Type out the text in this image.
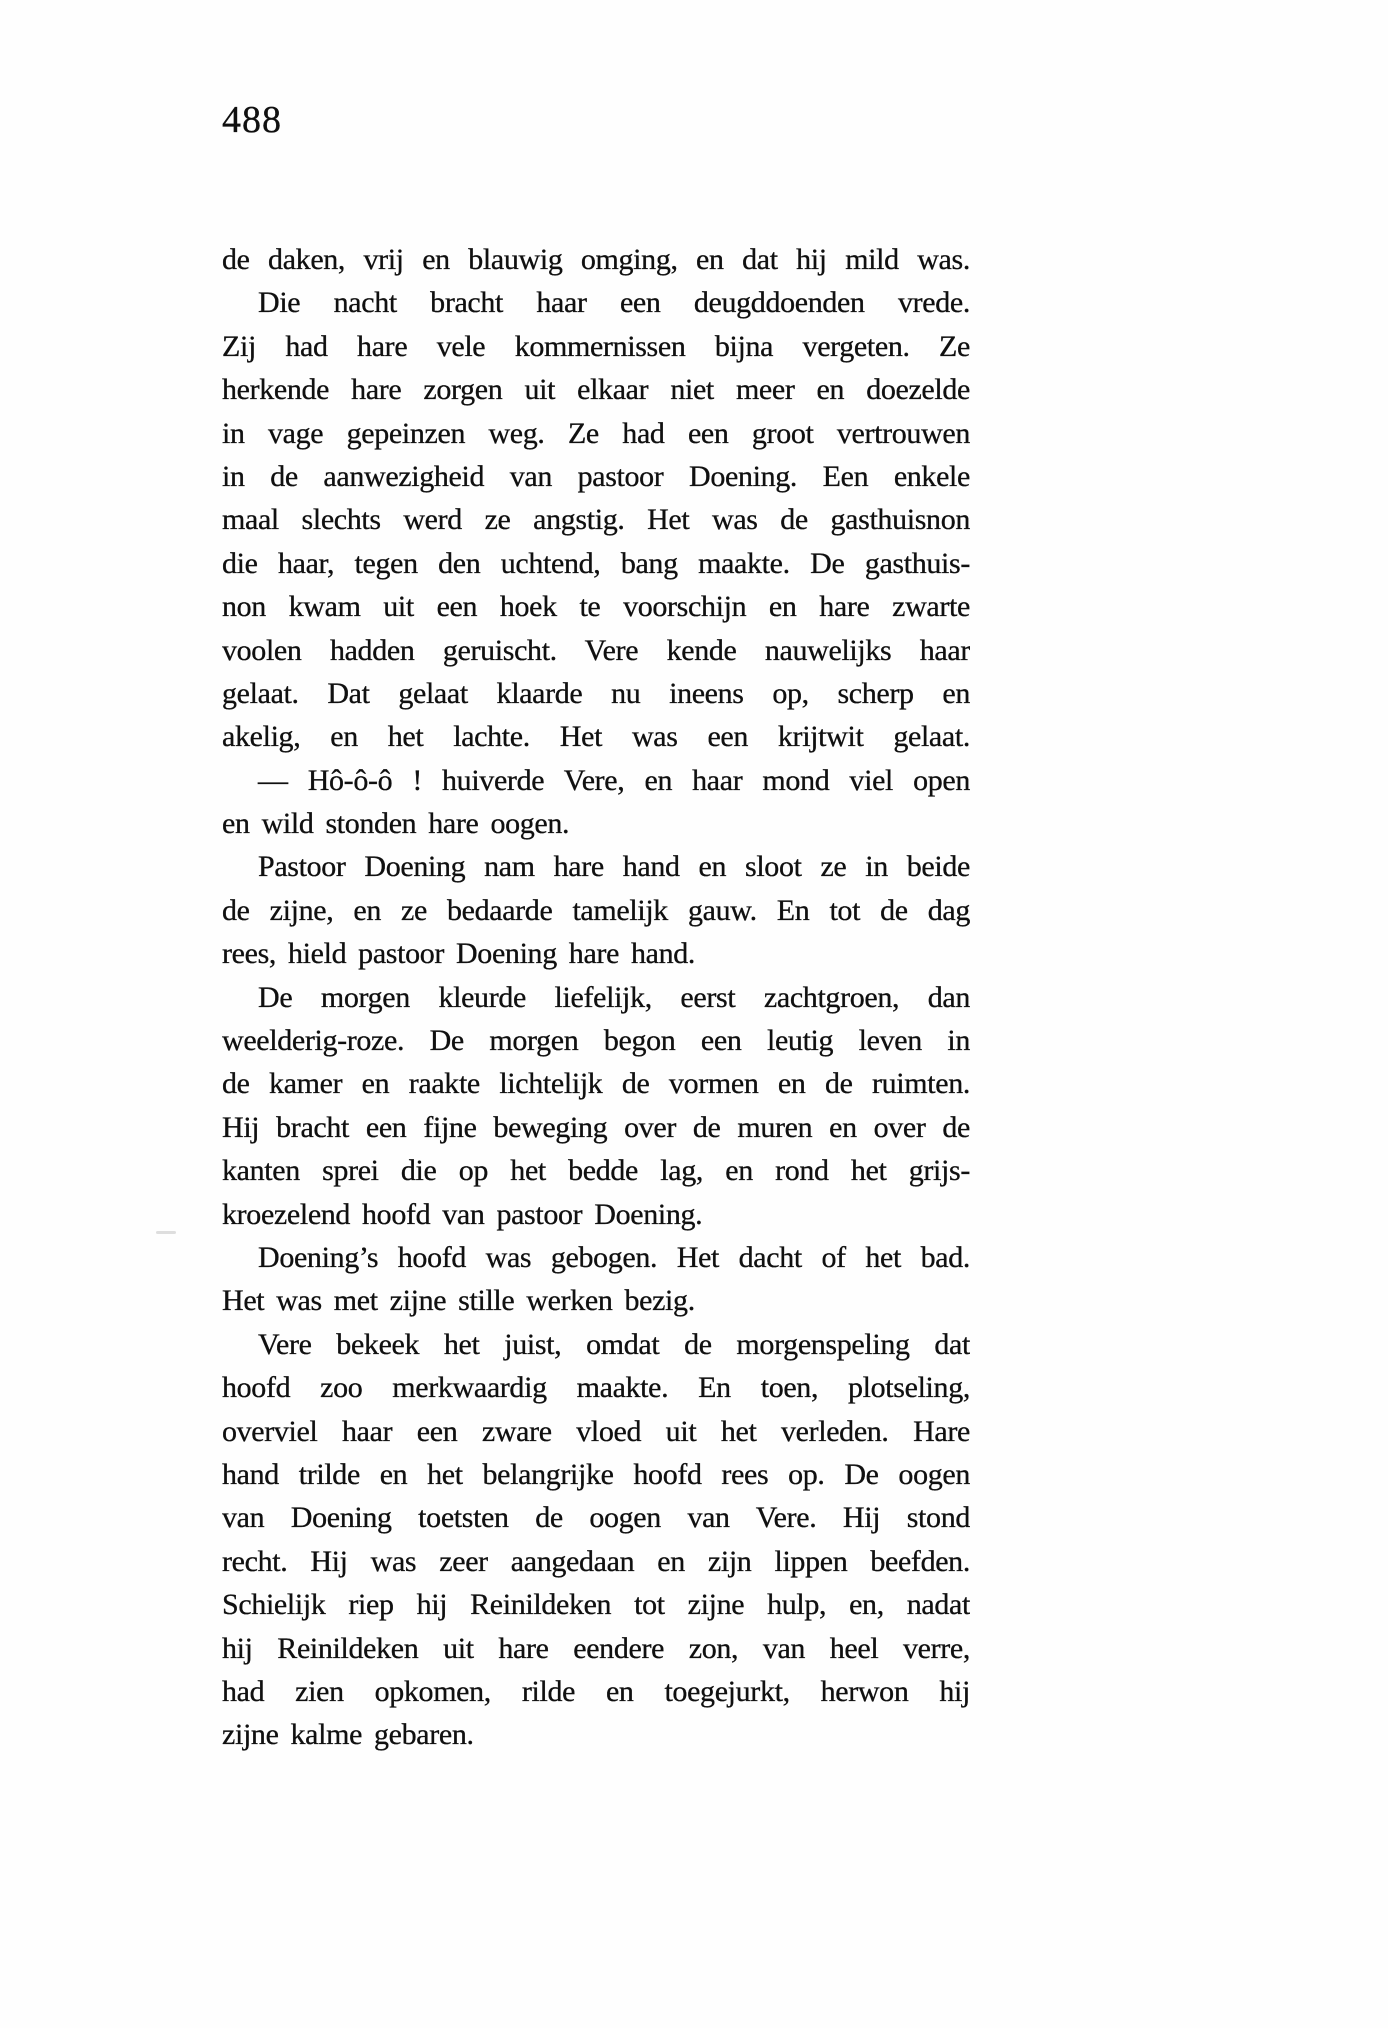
488
de daken, vrij en blauwig omging, en dat hij mild was.
Die nacht bracht haar een deugddoenden vrede.
Zij had hare vele kommernissen bijna vergeten. Ze
herkende hare zorgen uit elkaar niet meer en doezelde
in vage gepeinzen weg. Ze had een groot vertrouwen
in de aanwezigheid van pastoor Doening. Een enkele
maal slechts werd ze angstig. Het was de gasthuisnon
die haar, tegen den uchtend, bang maakte. De gasthuis-
non kwam uit een hoek te voorschijn en hare zwarte
voolen hadden geruischt. Vere kende nauwelijks haar
gelaat. Dat gelaat klaarde nu ineens op, scherp en
akelig, en het lachte. Het was een krijtwit gelaat.
— Hô-ô-ô ! huiverde Vere, en haar mond viel open
en wild stonden hare oogen.
Pastoor Doening nam hare hand en sloot ze in beide
de zijne, en ze bedaarde tamelijk gauw. En tot de dag
rees, hield pastoor Doening hare hand.
De morgen kleurde liefelijk, eerst zachtgroen, dan
weelderig-roze. De morgen begon een leutig leven in
de kamer en raakte lichtelijk de vormen en de ruimten.
Hij bracht een fijne beweging over de muren en over de
kanten sprei die op het bedde lag, en rond het grijs-
kroezelend hoofd van pastoor Doening.
Doening’s hoofd was gebogen. Het dacht of het bad.
Het was met zijne stille werken bezig.
Vere bekeek het juist, omdat de morgenspeling dat
hoofd zoo merkwaardig maakte. En toen, plotseling,
overviel haar een zware vloed uit het verleden. Hare
hand trilde en het belangrijke hoofd rees op. De oogen
van Doening toetsten de oogen van Vere. Hij stond
recht. Hij was zeer aangedaan en zijn lippen beefden.
Schielijk riep hij Reinildeken tot zijne hulp, en, nadat
hij Reinildeken uit hare eendere zon, van heel verre,
had zien opkomen, rilde en toegejurkt, herwon hij
zijne kalme gebaren.
